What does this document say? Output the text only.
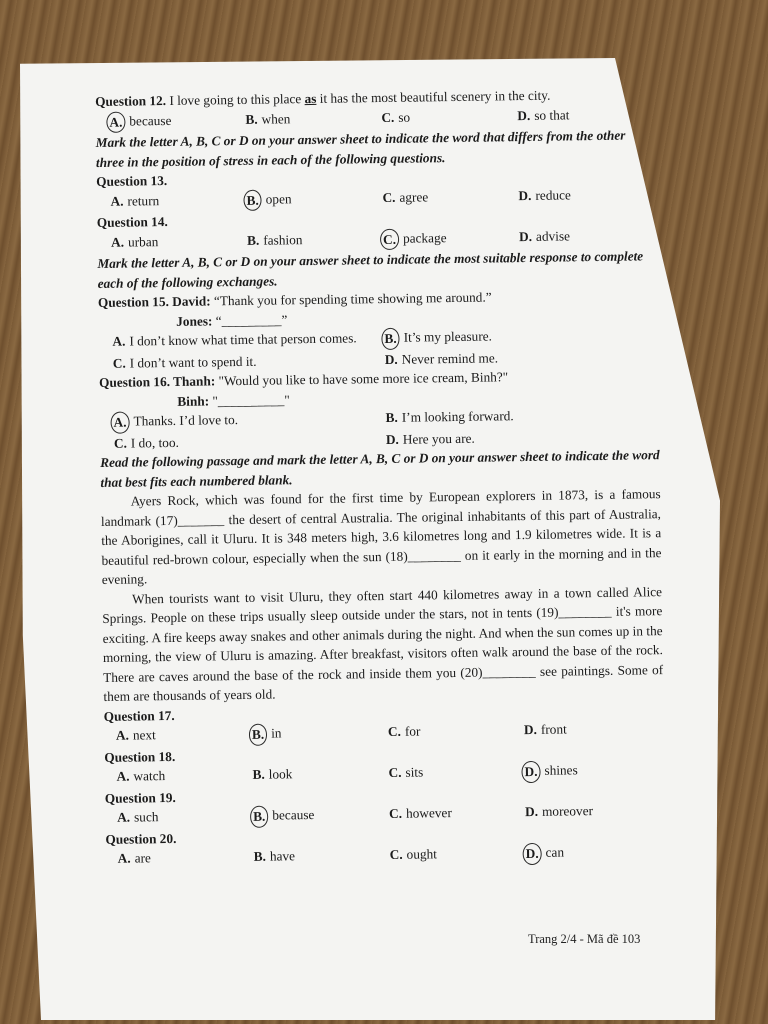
Question 12. I love going to this place as it has the most beautiful scenery in the city.
A. because	B. when	C. so	D. so that
Mark the letter A, B, C or D on your answer sheet to indicate the word that differs from the other three in the position of stress in each of the following questions.
Question 13.
A. return	B. open	C. agree	D. reduce
Question 14.
A. urban	B. fashion	C. package	D. advise
Mark the letter A, B, C or D on your answer sheet to indicate the most suitable response to complete each of the following exchanges.
Question 15. David: “Thank you for spending time showing me around.”
Jones: “_________”
A. I don’t know what time that person comes. B. It’s my pleasure.
C. I don’t want to spend it.	D. Never remind me.
Question 16. Thanh: "Would you like to have some more ice cream, Binh?"
Binh: "__________"
A. Thanks. I’d love to.	B. I’m looking forward.
C. I do, too.	D. Here you are.
Read the following passage and mark the letter A, B, C or D on your answer sheet to indicate the word that best fits each numbered blank.
Ayers Rock, which was found for the first time by European explorers in 1873, is a famous landmark (17)_______ the desert of central Australia. The original inhabitants of this part of Australia, the Aborigines, call it Uluru. It is 348 meters high, 3.6 kilometres long and 1.9 kilometres wide. It is a beautiful red-brown colour, especially when the sun (18)________ on it early in the morning and in the evening.
When tourists want to visit Uluru, they often start 440 kilometres away in a town called Alice Springs. People on these trips usually sleep outside under the stars, not in tents (19)________ it's more exciting. A fire keeps away snakes and other animals during the night. And when the sun comes up in the morning, the view of Uluru is amazing. After breakfast, visitors often walk around the base of the rock. There are caves around the base of the rock and inside them you (20)________ see paintings. Some of them are thousands of years old.
Question 17.
A. next	B. in	C. for	D. front
Question 18.
A. watch	B. look	C. sits	D. shines
Question 19.
A. such	B. because	C. however	D. moreover
Question 20.
A. are	B. have	C. ought	D. can
Trang 2/4 - Mã đề 103
